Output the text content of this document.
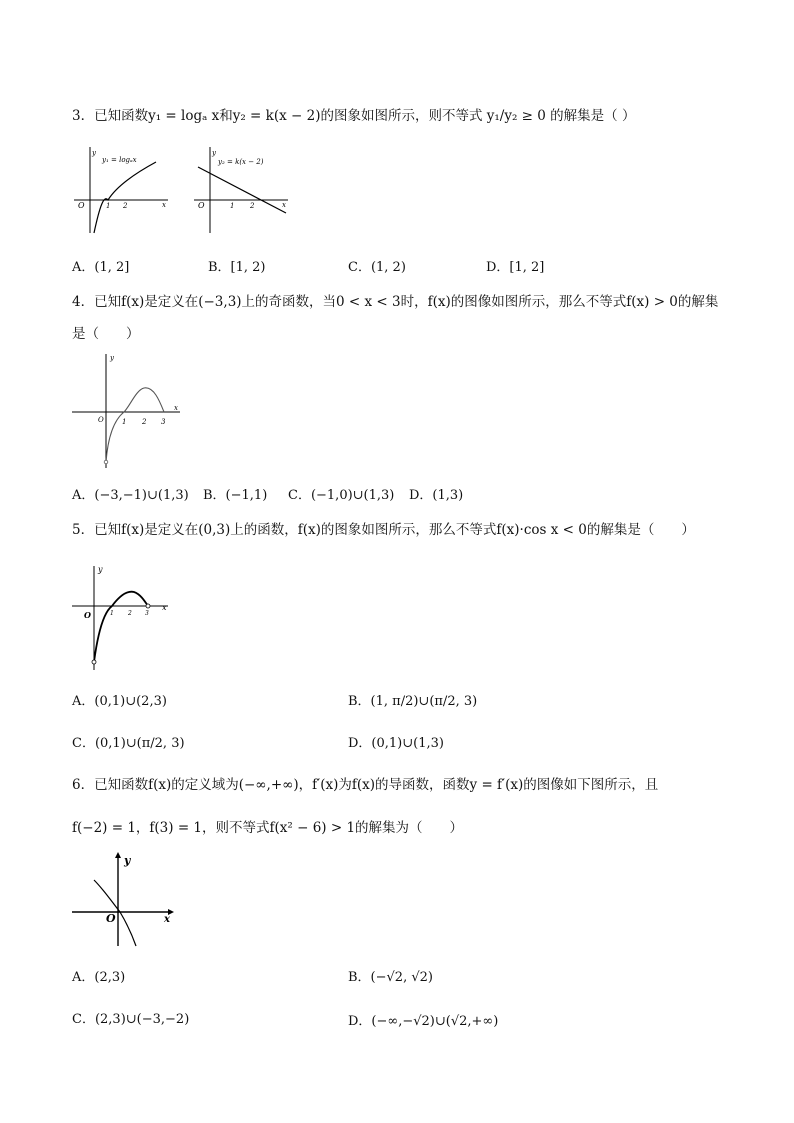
3．已知函数y₁ = logₐ x和y₂ = k(x − 2)的图象如图所示，则不等式 y₁/y₂ ≥ 0 的解集是（ ）
y
x
O	1 2
y₁ = logₐx
y
x
O	1 2
y₂ = k(x − 2)
A．(1, 2]	B．[1, 2)	C．(1, 2)	D．[1, 2]
4．已知f(x)是定义在(−3,3)上的奇函数，当0 < x < 3时，f(x)的图像如图所示，那么不等式f(x) > 0的解集
是（　　）
y
x
O	1 2 3
A．(−3,−1)∪(1,3) B．(−1,1) C．(−1,0)∪(1,3) D．(1,3)
5．已知f(x)是定义在(0,3)上的函数，f(x)的图象如图所示，那么不等式f(x)·cos x < 0的解集是（　　）
y
x
O	1 2 3
A．(0,1)∪(2,3)	B．(1, π/2)∪(π/2, 3)
C．(0,1)∪(π/2, 3)	D．(0,1)∪(1,3)
6．已知函数f(x)的定义域为(−∞,+∞)，f′(x)为f(x)的导函数，函数y = f′(x)的图像如下图所示，且
f(−2) = 1，f(3) = 1，则不等式f(x² − 6) > 1的解集为（　　）
y
x
O
A．(2,3)	B．(−√2, √2)
C．(2,3)∪(−3,−2)	D．(−∞,−√2)∪(√2,+∞)
